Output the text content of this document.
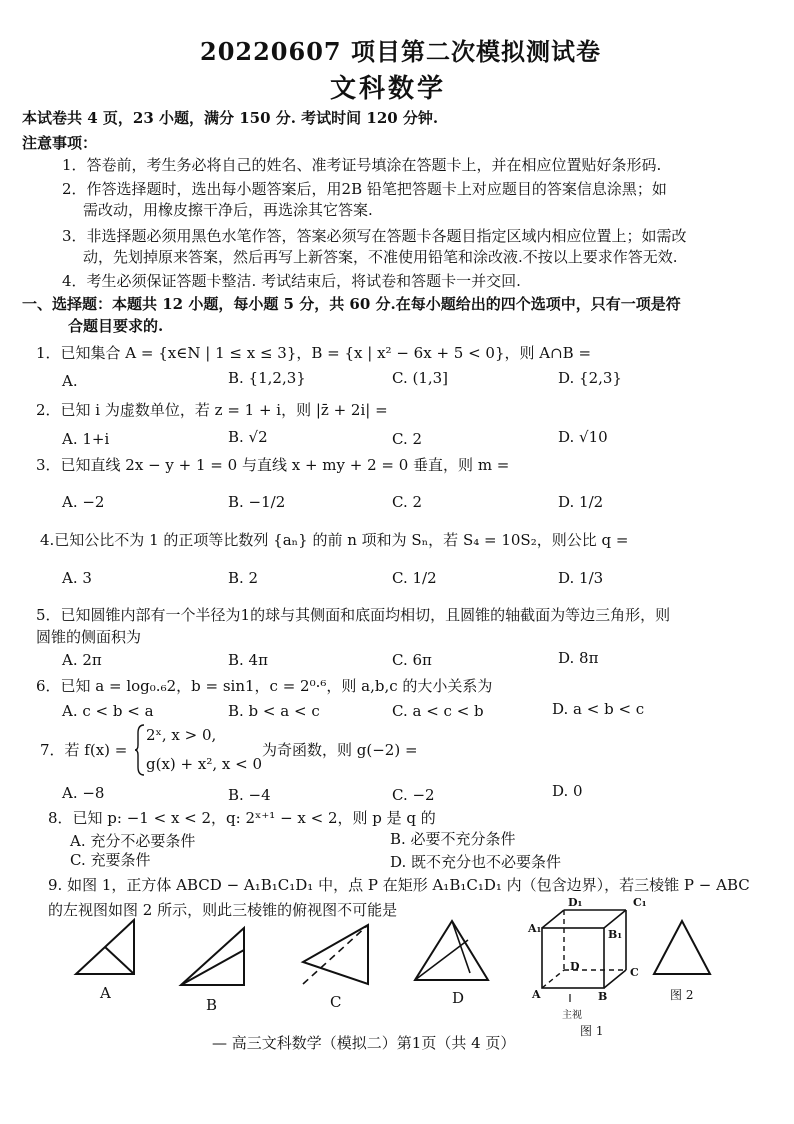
20220607 项目第二次模拟测试卷
文科数学
本试卷共 4 页，23 小题，满分 150 分. 考试时间 120 分钟.
注意事项：
1．答卷前，考生务必将自己的姓名、准考证号填涂在答题卡上，并在相应位置贴好条形码.
2．作答选择题时，选出每小题答案后，用2B 铅笔把答题卡上对应题目的答案信息涂黑；如
需改动，用橡皮擦干净后，再选涂其它答案.
3．非选择题必须用黑色水笔作答，答案必须写在答题卡各题目指定区域内相应位置上；如需改
动，先划掉原来答案，然后再写上新答案，不准使用铅笔和涂改液.不按以上要求作答无效.
4．考生必须保证答题卡整洁. 考试结束后，将试卷和答题卡一并交回.
一、选择题：本题共 12 小题，每小题 5 分，共 60 分.在每小题给出的四个选项中，只有一项是符
合题目要求的.
1．已知集合 A = {x∈N | 1 ≤ x ≤ 3}，B = {x | x² − 6x + 5 < 0}，则 A∩B =
A.	B. {1,2,3}	C. (1,3]	D. {2,3}
2．已知 i 为虚数单位，若 z = 1 + i，则 |z̄ + 2i| =
A. 1+i	B. √2	C. 2	D. √10
3．已知直线 2x − y + 1 = 0 与直线 x + my + 2 = 0 垂直，则 m =
A. −2	B. −1/2	C. 2	D. 1/2
4.已知公比不为 1 的正项等比数列 {aₙ} 的前 n 项和为 Sₙ，若 S₄ = 10S₂，则公比 q =
A. 3	B. 2	C. 1/2	D. 1/3
5．已知圆锥内部有一个半径为1的球与其侧面和底面均相切，且圆锥的轴截面为等边三角形，则
圆锥的侧面积为
A. 2π	B. 4π	C. 6π	D. 8π
6．已知 a = log₀.₆2，b = sin1，c = 2⁰·⁶，则 a,b,c 的大小关系为
A. c < b < a	B. b < a < c	C. a < c < b	D. a < b < c
7．若 f(x) =
2ˣ, x > 0,
g(x) + x², x < 0
为奇函数，则 g(−2) =
A. −8	B. −4	C. −2	D. 0
8．已知 p: −1 < x < 2，q: 2ˣ⁺¹ − x < 2，则 p 是 q 的
A. 充分不必要条件	B. 必要不充分条件
C. 充要条件	D. 既不充分也不必要条件
9. 如图 1，正方体 ABCD − A₁B₁C₁D₁ 中，点 P 在矩形 A₁B₁C₁D₁ 内（包含边界），若三棱锥 P − ABC
的左视图如图 2 所示，则此三棱锥的俯视图不可能是
A
B	C	D
D₁	C₁
A₁	B₁
D	C
A	B
主视
图 1
图 2
— 高三文科数学（模拟二）第1页（共 4 页）
